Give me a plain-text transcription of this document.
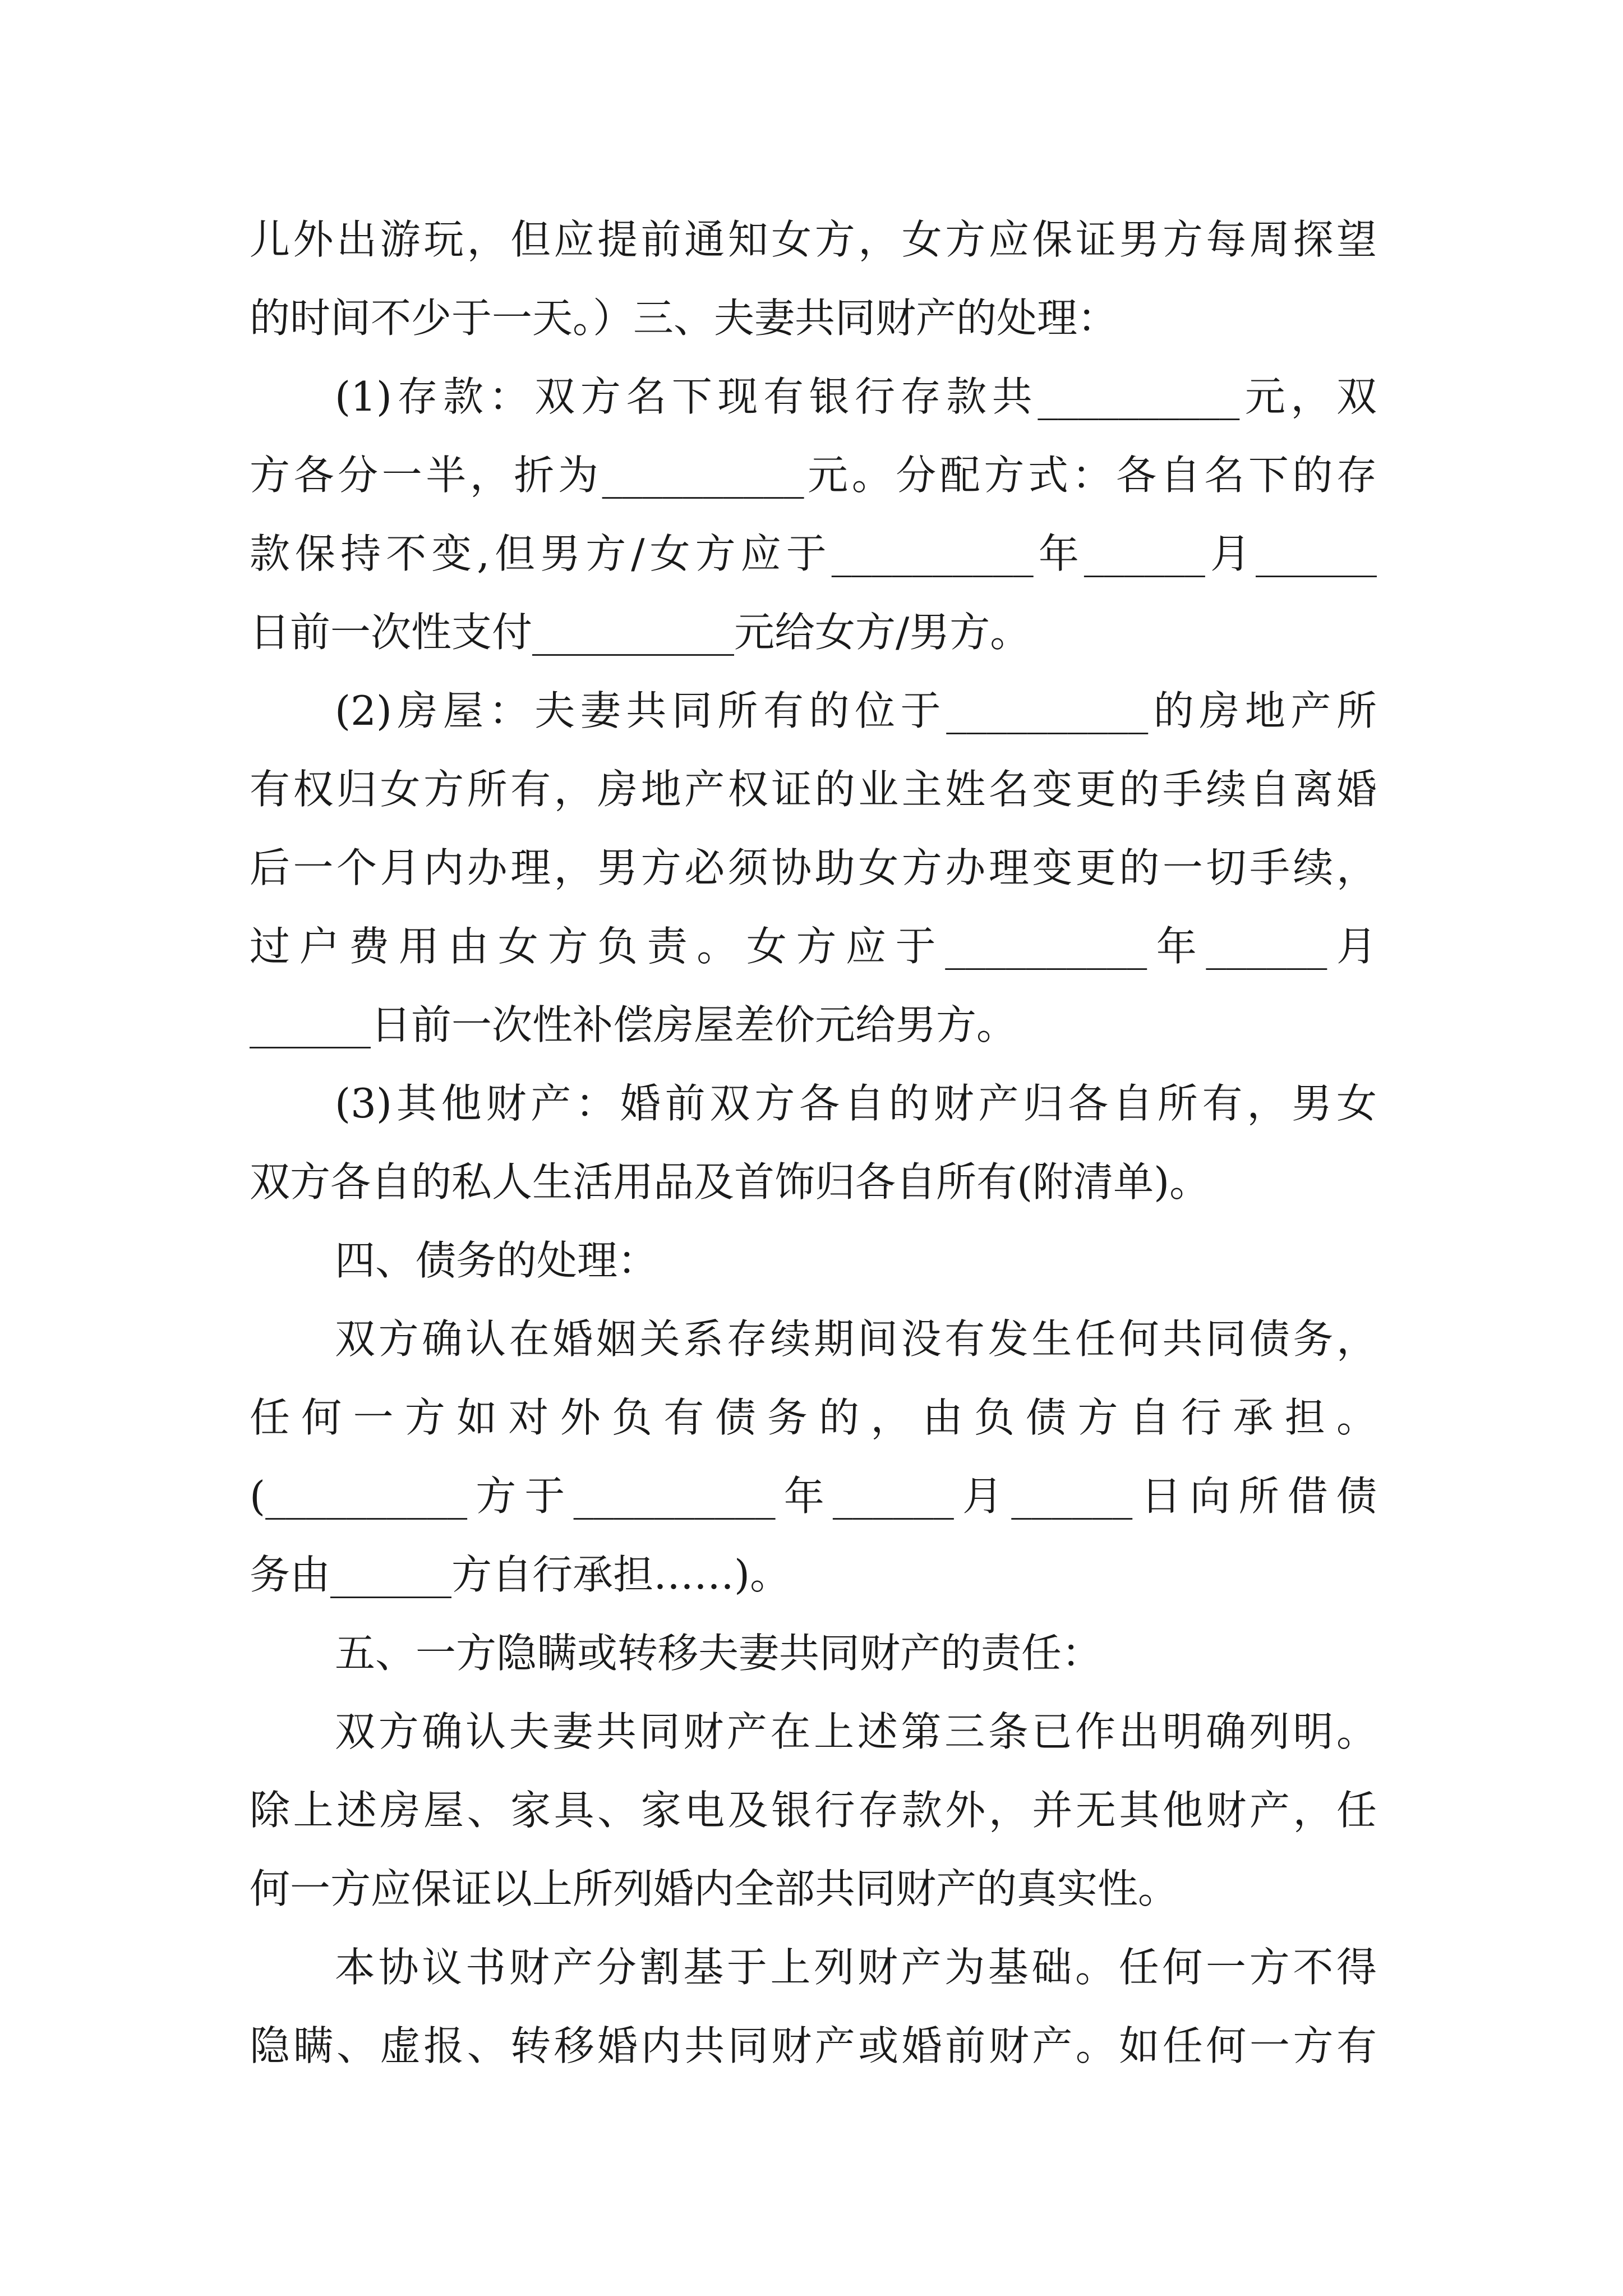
儿外出游玩，但应提前通知女方，女方应保证男方每周探望
的时间不少于一天。）三、夫妻共同财产的处理：
(1)存款：双方名下现有银行存款共__________元，双
方各分一半，折为__________元。分配方式：各自名下的存
款保持不变,但男方/女方应于__________年______月______
日前一次性支付__________元给女方/男方。
(2)房屋：夫妻共同所有的位于__________的房地产所
有权归女方所有，房地产权证的业主姓名变更的手续自离婚
后一个月内办理，男方必须协助女方办理变更的一切手续，
过户费用由女方负责。女方应于__________年______月
______日前一次性补偿房屋差价元给男方。
(3)其他财产：婚前双方各自的财产归各自所有，男女
双方各自的私人生活用品及首饰归各自所有(附清单)。
四、债务的处理：
双方确认在婚姻关系存续期间没有发生任何共同债务，
任何一方如对外负有债务的，由负债方自行承担。
(__________方于__________年______月______日向所借债
务由______方自行承担……)。
五、一方隐瞒或转移夫妻共同财产的责任：
双方确认夫妻共同财产在上述第三条已作出明确列明。
除上述房屋、家具、家电及银行存款外，并无其他财产，任
何一方应保证以上所列婚内全部共同财产的真实性。
本协议书财产分割基于上列财产为基础。任何一方不得
隐瞒、虚报、转移婚内共同财产或婚前财产。如任何一方有
